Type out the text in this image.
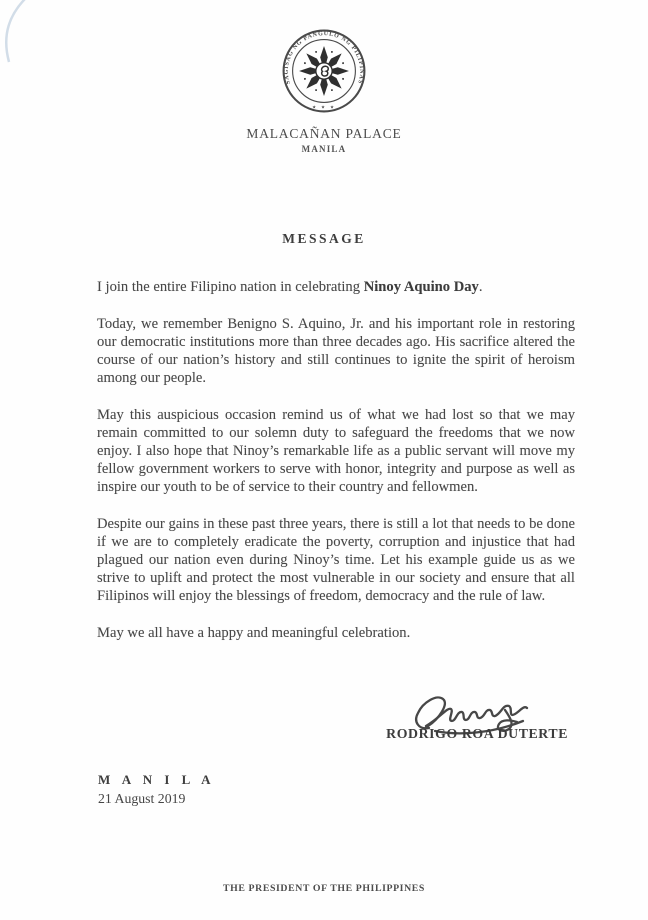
SAGISAG NG PANGULO NG PILIPINAS
★ ★ ★
MALACAÑAN PALACE
MANILA
MESSAGE

I join the entire Filipino nation in celebrating Ninoy Aquino Day.

Today, we remember Benigno S. Aquino, Jr. and his important role in restoring our democratic institutions more than three decades ago. His sacrifice altered the course of our nation’s history and still continues to ignite the spirit of heroism among our people.

May this auspicious occasion remind us of what we had lost so that we may remain committed to our solemn duty to safeguard the freedoms that we now enjoy. I also hope that Ninoy’s remarkable life as a public servant will move my fellow government workers to serve with honor, integrity and purpose as well as inspire our youth to be of service to their country and fellowmen.

Despite our gains in these past three years, there is still a lot that needs to be done if we are to completely eradicate the poverty, corruption and injustice that had plagued our nation even during Ninoy’s time. Let his example guide us as we strive to uplift and protect the most vulnerable in our society and ensure that all Filipinos will enjoy the blessings of freedom, democracy and the rule of law.

May we all have a happy and meaningful celebration.

RODRIGO ROA DUTERTE
M A N I L A
21 August 2019
THE PRESIDENT OF THE PHILIPPINES
